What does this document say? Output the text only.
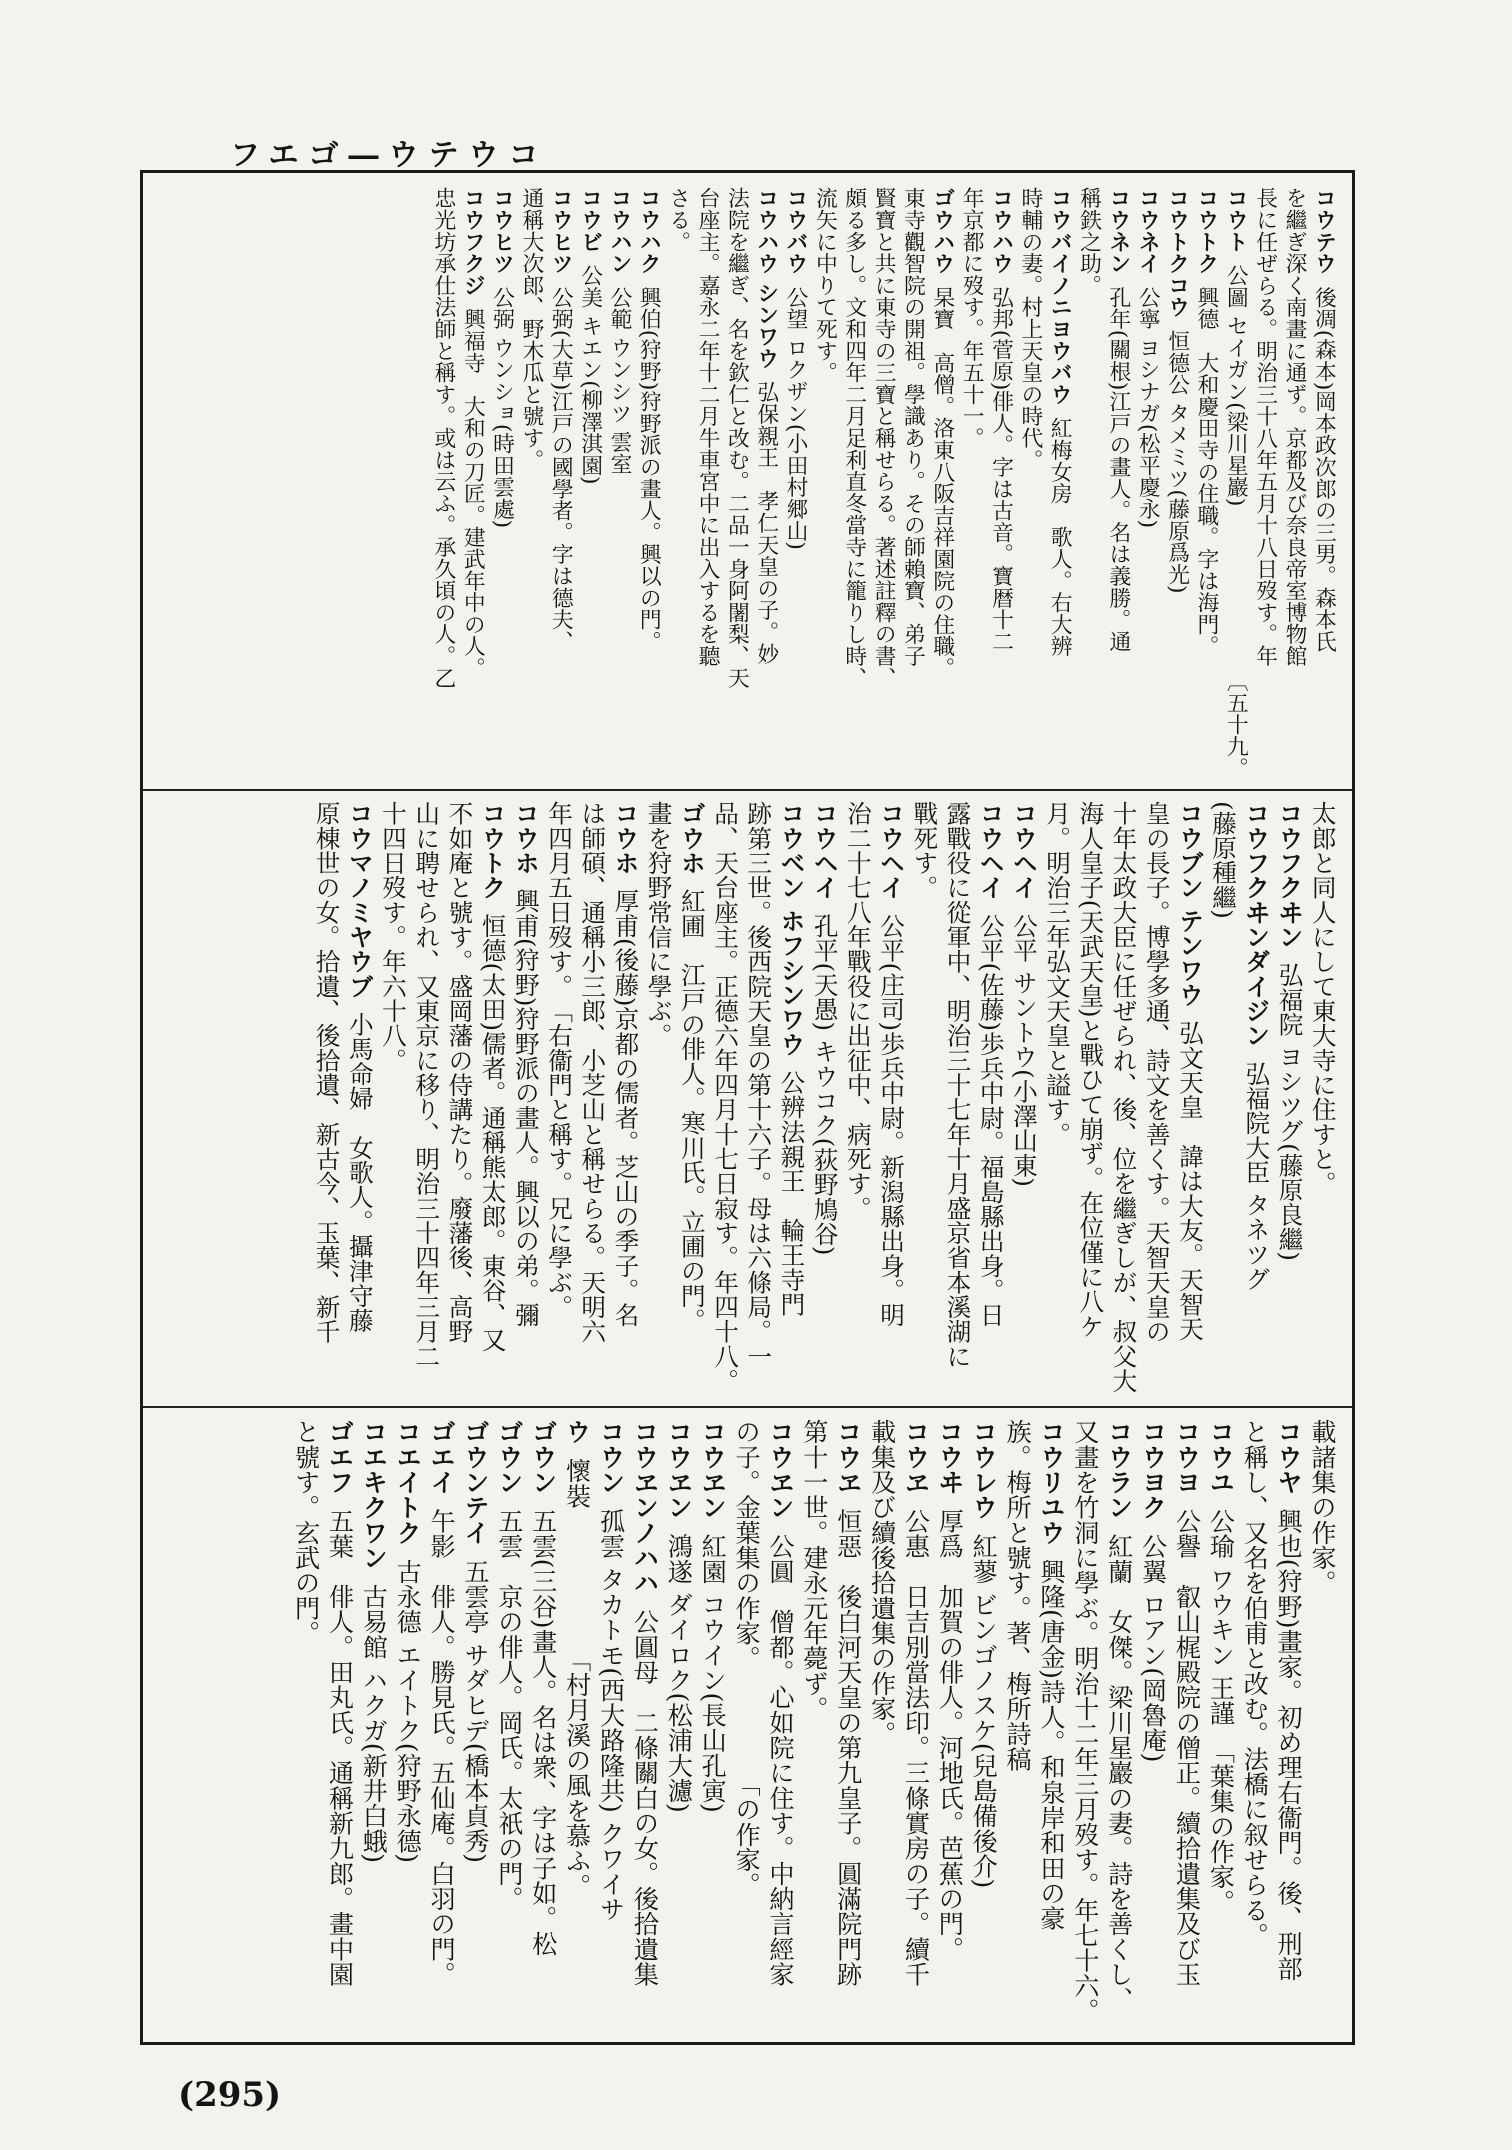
フエゴ―ウテウコ
コウテウ 後凋(森本)岡本政次郎の三男。森本氏
を繼ぎ深く南畫に通ず。京都及び奈良帝室博物館
長に任ぜらる。明治三十八年五月十八日歿す。年
コウト 公圖 セイガン(梁川星巖)　　　　　　　　〔五十九。
コウトク 興德　大和慶田寺の住職。字は海門。
コウトクコウ 恒德公 タメミツ(藤原爲光)
コウネイ 公寧 ヨシナガ(松平慶永)
コウネン 孔年(關根)江戸の畫人。名は義勝。通
稱鉄之助。
コウバイノニヨウバウ 紅梅女房　歌人。右大辨
時輔の妻。村上天皇の時代。
コウハウ 弘邦(菅原)俳人。字は古音。寶暦十二
年京都に歿す。年五十一。
ゴウハウ 杲寶　高僧。洛東八阪吉祥園院の住職。
東寺觀智院の開祖。學識あり。その師賴寶、弟子
賢寶と共に東寺の三寶と稱せらる。著述註釋の書、
頗る多し。文和四年二月足利直冬當寺に籠りし時、
流矢に中りて死す。
コウバウ 公望 ロクザン(小田村郷山)
コウハウ シンワウ 弘保親王　孝仁天皇の子。妙
法院を繼ぎ、名を欽仁と改む。二品一身阿闍梨、天
台座主。嘉永二年十二月牛車宮中に出入するを聽
さる。
コウハク 興伯(狩野)狩野派の畫人。興以の門。
コウハン 公範 ウンシツ 雲室
コウビ 公美 キエン(柳澤淇園)
コウヒツ 公弼(大草)江戸の國學者。字は德夫、
通稱大次郎、野木瓜と號す。
コウヒツ 公弼 ウンショ(時田雲處)
コウフクジ 興福寺　大和の刀匠。建武年中の人。
忠光坊承仕法師と稱す。或は云ふ。承久頃の人。乙
太郎と同人にして東大寺に住すと。
コウフクヰン 弘福院 ヨシツグ(藤原良繼)
コウフクヰンダイジン 弘福院大臣 タネツグ
(藤原種繼)
コウブン テンワウ 弘文天皇　諱は大友。天智天
皇の長子。博學多通、詩文を善くす。天智天皇の
十年太政大臣に任ぜられ、後、位を繼ぎしが、叔父大
海人皇子(天武天皇)と戰ひて崩ず。在位僅に八ケ
月。明治三年弘文天皇と謚す。
コウヘイ 公平 サントウ(小澤山東)
コウヘイ 公平(佐藤)歩兵中尉。福島縣出身。日
露戰役に從軍中、明治三十七年十月盛京省本溪湖に
戰死す。
コウヘイ 公平(庄司)歩兵中尉。新潟縣出身。明
治二十七八年戰役に出征中、病死す。
コウヘイ 孔平(天愚) キウコク(荻野鳩谷)
コウベン ホフシンワウ 公辨法親王　輪王寺門
跡第三世。後西院天皇の第十六子。母は六條局。一
品、天台座主。正德六年四月十七日寂す。年四十八。
ゴウホ 紅圃　江戸の俳人。寒川氏。立圃の門。
畫を狩野常信に學ぶ。
コウホ 厚甫(後藤)京都の儒者。芝山の季子。名
は師碩、通稱小三郎、小芝山と稱せらる。天明六
年四月五日歿す。　「右衞門と稱す。兄に學ぶ。
コウホ 興甫(狩野)狩野派の畫人。興以の弟。彌
コウトク 恒德(太田)儒者。通稱熊太郎。東谷、又
不如庵と號す。盛岡藩の侍講たり。廢藩後、高野
山に聘せられ、又東京に移り、明治三十四年三月二
十四日歿す。年六十八。
コウマノミヤウブ 小馬命婦　女歌人。攝津守藤
原棟世の女。拾遺、後拾遺、新古今、玉葉、新千
載諸集の作家。
コウヤ 興也(狩野)畫家。初め理右衞門。後、刑部
と稱し、又名を伯甫と改む。法橋に叙せらる。
コウユ 公瑜 ワウキン 王謹　「葉集の作家。
コウヨ 公譽　叡山梶殿院の僧正。續拾遺集及び玉
コウヨク 公翼 ロアン(岡魯庵)
コウラン 紅蘭　女傑。梁川星巖の妻。詩を善くし、
又畫を竹洞に學ぶ。明治十二年三月歿す。年七十六。
コウリユウ 興隆(唐金)詩人。和泉岸和田の豪
族。梅所と號す。著、梅所詩稿
コウレウ 紅蓼 ビンゴノスケ(兒島備後介)
コウヰ 厚爲　加賀の俳人。河地氏。芭蕉の門。
コウヱ 公惠　日吉別當法印。三條實房の子。續千
載集及び續後拾遺集の作家。
コウヱ 恒惡　後白河天皇の第九皇子。圓滿院門跡
第十一世。建永元年薨ず。
コウヱン 公圓　僧都。心如院に住す。中納言經家
の子。金葉集の作家。　　　　　「の作家。
コウヱン 紅園 コウイン(長山孔寅)
コウヱン 鴻遂 ダイロク(松浦大濾)
コウヱンノハハ 公圓母　二條關白の女。後拾遺集
コウン 孤雲 タカトモ(西大路隆共) クワイサ
ウ 懷裝　　　　　　「村月溪の風を慕ふ。
ゴウン 五雲(三谷)畫人。名は衆、字は子如。松
ゴウン 五雲　京の俳人。岡氏。太祇の門。
ゴウンテイ 五雲亭 サダヒデ(橋本貞秀)
ゴエイ 午影　俳人。勝見氏。五仙庵。白羽の門。
コエイトク 古永德 エイトク(狩野永德)
コエキクワン 古易館 ハクガ(新井白蛾)
ゴエフ 五葉　俳人。田丸氏。通稱新九郎。畫中園
と號す。玄武の門。
(295)
